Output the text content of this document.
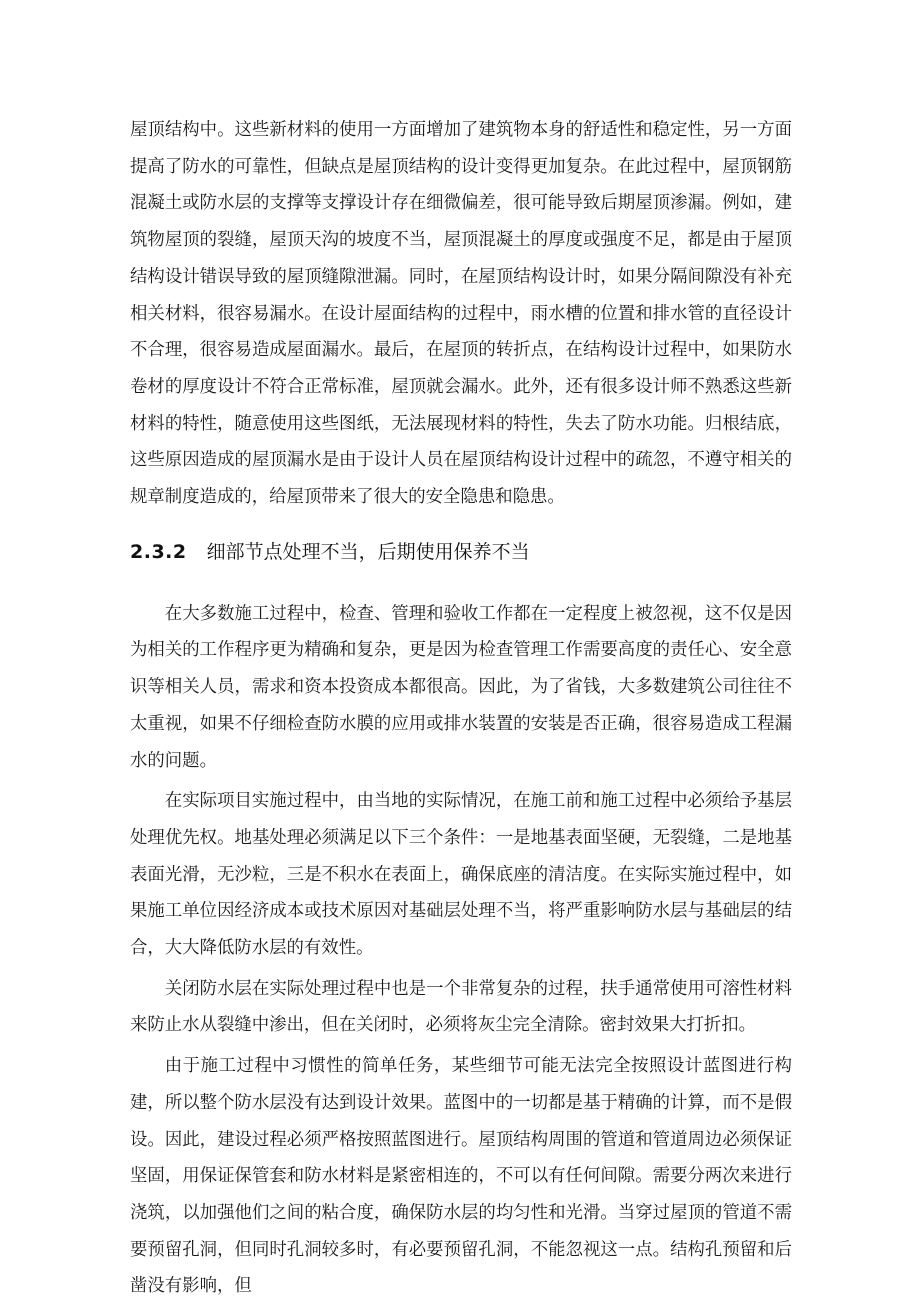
屋顶结构中。这些新材料的使用一方面增加了建筑物本身的舒适性和稳定性，另一方面提高了防水的可靠性，但缺点是屋顶结构的设计变得更加复杂。在此过程中，屋顶钢筋混凝土或防水层的支撑等支撑设计存在细微偏差，很可能导致后期屋顶渗漏。例如，建筑物屋顶的裂缝，屋顶天沟的坡度不当，屋顶混凝土的厚度或强度不足，都是由于屋顶结构设计错误导致的屋顶缝隙泄漏。同时，在屋顶结构设计时，如果分隔间隙没有补充相关材料，很容易漏水。在设计屋面结构的过程中，雨水槽的位置和排水管的直径设计不合理，很容易造成屋面漏水。最后，在屋顶的转折点，在结构设计过程中，如果防水卷材的厚度设计不符合正常标准，屋顶就会漏水。此外，还有很多设计师不熟悉这些新材料的特性，随意使用这些图纸，无法展现材料的特性，失去了防水功能。归根结底，这些原因造成的屋顶漏水是由于设计人员在屋顶结构设计过程中的疏忽，不遵守相关的规章制度造成的，给屋顶带来了很大的安全隐患和隐患。

2.3.2 细部节点处理不当，后期使用保养不当

在大多数施工过程中，检查、管理和验收工作都在一定程度上被忽视，这不仅是因为相关的工作程序更为精确和复杂，更是因为检查管理工作需要高度的责任心、安全意识等相关人员，需求和资本投资成本都很高。因此，为了省钱，大多数建筑公司往往不太重视，如果不仔细检查防水膜的应用或排水装置的安装是否正确，很容易造成工程漏水的问题。

在实际项目实施过程中，由当地的实际情况，在施工前和施工过程中必须给予基层处理优先权。地基处理必须满足以下三个条件：一是地基表面坚硬，无裂缝，二是地基表面光滑，无沙粒，三是不积水在表面上，确保底座的清洁度。在实际实施过程中，如果施工单位因经济成本或技术原因对基础层处理不当，将严重影响防水层与基础层的结合，大大降低防水层的有效性。

关闭防水层在实际处理过程中也是一个非常复杂的过程，扶手通常使用可溶性材料来防止水从裂缝中渗出，但在关闭时，必须将灰尘完全清除。密封效果大打折扣。

由于施工过程中习惯性的简单任务，某些细节可能无法完全按照设计蓝图进行构建，所以整个防水层没有达到设计效果。蓝图中的一切都是基于精确的计算，而不是假设。因此，建设过程必须严格按照蓝图进行。屋顶结构周围的管道和管道周边必须保证坚固，用保证保管套和防水材料是紧密相连的，不可以有任何间隙。需要分两次来进行浇筑，以加强他们之间的粘合度，确保防水层的均匀性和光滑。当穿过屋顶的管道不需要预留孔洞，但同时孔洞较多时，有必要预留孔洞，不能忽视这一点。结构孔预留和后凿没有影响，但
